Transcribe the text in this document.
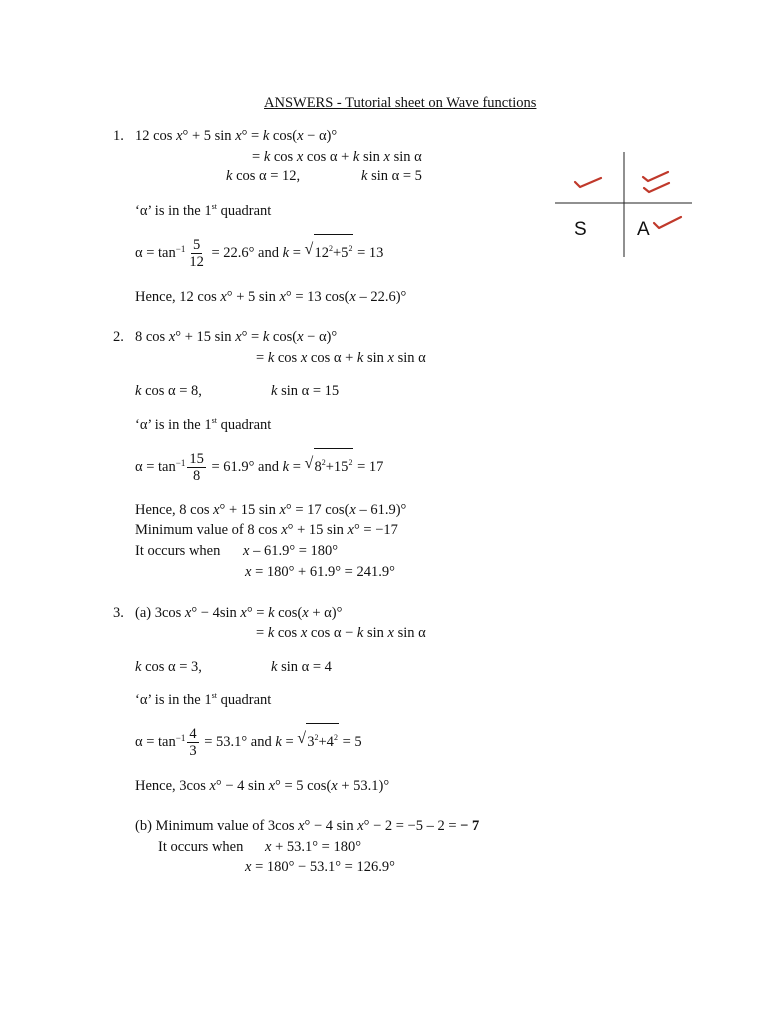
ANSWERS - Tutorial sheet on Wave functions
1. 12 cos x° + 5 sin x° = k cos(x − α)°
= k cos x cos α + k sin x sin α
k cos α = 12,	k sin α = 5
‘α’ is in the 1st quadrant
$\alpha = \tan^{-1} \frac{5}{12} = 22.6^\circ$ and k = √ $12^2+5^2 = 13$
Hence, 12 cos x° + 5 sin x° = 13 cos(x – 22.6)°
2. 8 cos x° + 15 sin x° = k cos(x − α)°
= k cos x cos α + k sin x sin α
k cos α = 8,	k sin α = 15
‘α’ is in the 1st quadrant
$\alpha = \tan^{-1} \frac{15}{8} = 61.9^\circ$ and k = √ $8^2+15^2 = 17$
Hence, 8 cos x° + 15 sin x° = 17 cos(x – 61.9)°
Minimum value of 8 cos x° + 15 sin x° = −17
It occurs when x – 61.9° = 180°
x = 180° + 61.9° = 241.9°
3. (a) 3cos x° − 4sin x° = k cos(x + α)°
= k cos x cos α − k sin x sin α
k cos α = 3,	k sin α = 4
‘α’ is in the 1st quadrant
$\alpha = \tan^{-1} \frac{4}{3} = 53.1^\circ$ and k = √ $3^2+4^2 = 5$
Hence, 3cos x° − 4 sin x° = 5 cos(x + 53.1)°
(b) Minimum value of 3cos x° − 4 sin x° − 2 = −5 – 2 = − 7
It occurs when x + 53.1° = 180°
x = 180° − 53.1° = 126.9°
S	A
